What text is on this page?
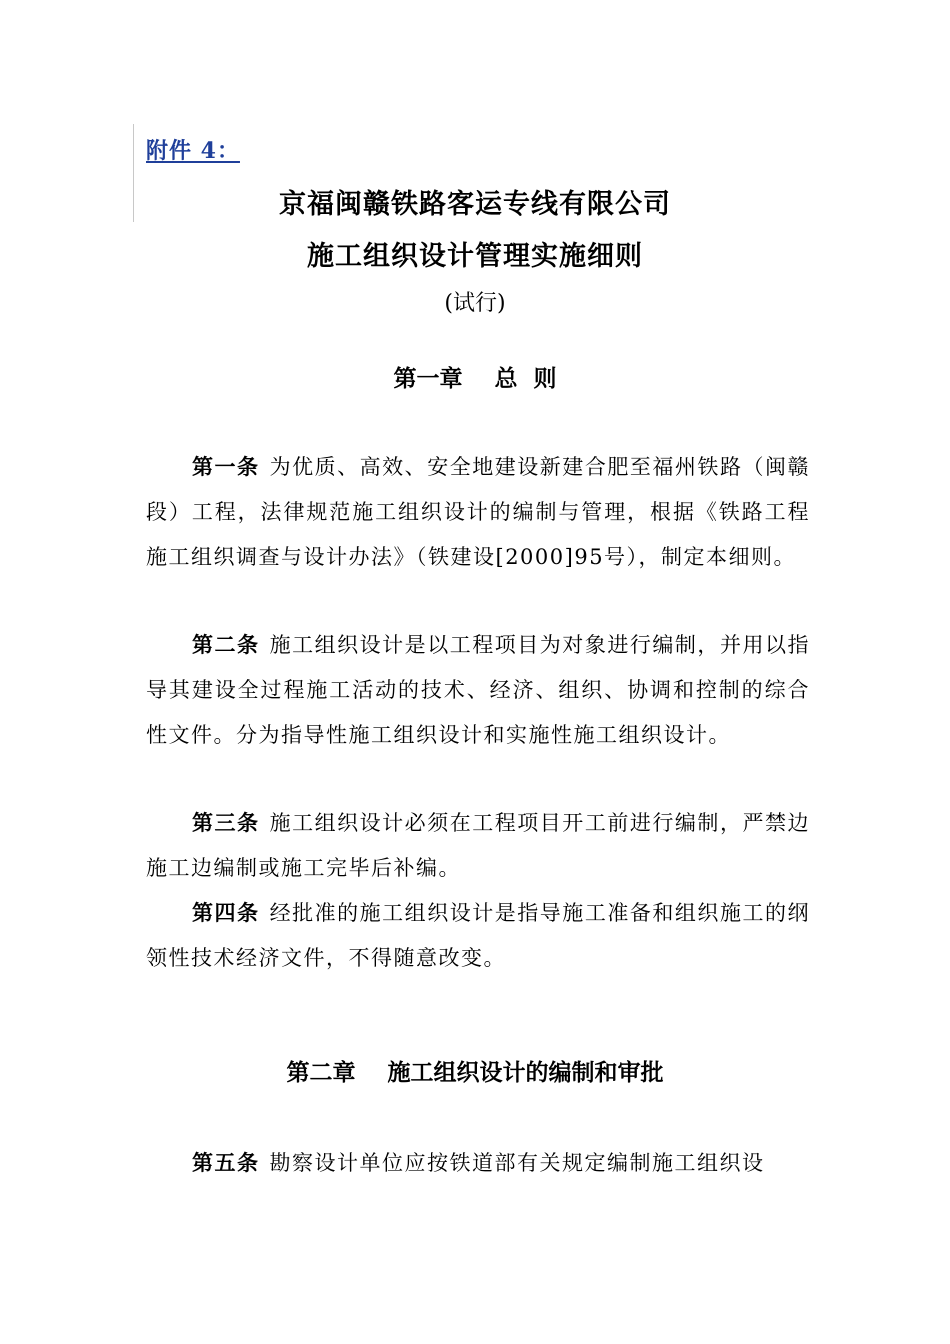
附件 4：
京福闽赣铁路客运专线有限公司
施工组织设计管理实施细则
(试行)
第一章    总  则
第一条 为优质、高效、安全地建设新建合肥至福州铁路（闽赣段）工程，法律规范施工组织设计的编制与管理，根据《铁路工程施工组织调查与设计办法》（铁建设[2000]95号），制定本细则。
第二条 施工组织设计是以工程项目为对象进行编制，并用以指导其建设全过程施工活动的技术、经济、组织、协调和控制的综合性文件。分为指导性施工组织设计和实施性施工组织设计。
第三条 施工组织设计必须在工程项目开工前进行编制，严禁边施工边编制或施工完毕后补编。
第四条 经批准的施工组织设计是指导施工准备和组织施工的纲领性技术经济文件，不得随意改变。
第二章    施工组织设计的编制和审批
第五条 勘察设计单位应按铁道部有关规定编制施工组织设
